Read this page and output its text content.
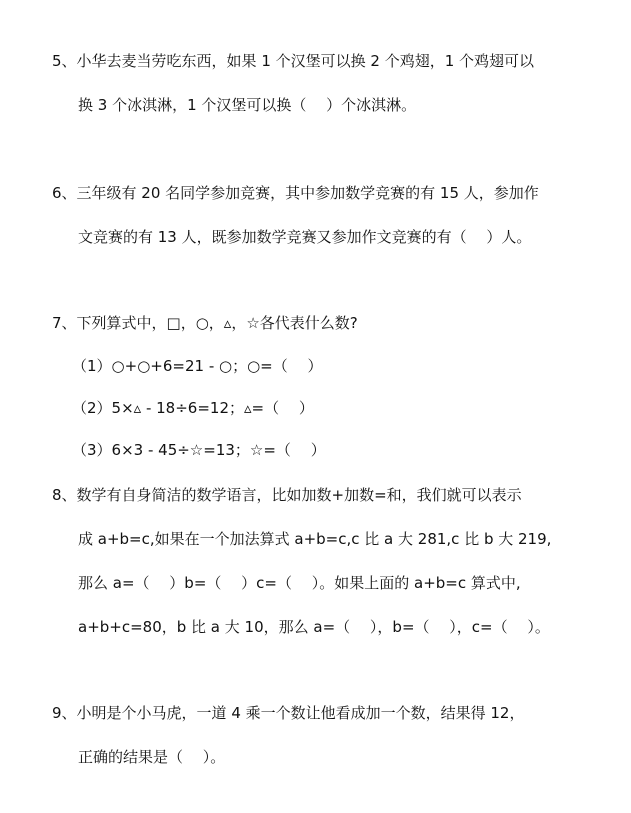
5、小华去麦当劳吃东西，如果 1 个汉堡可以换 2 个鸡翅，1 个鸡翅可以
换 3 个冰淇淋，1 个汉堡可以换（　 ）个冰淇淋。
6、三年级有 20 名同学参加竞赛，其中参加数学竞赛的有 15 人，参加作
文竞赛的有 13 人，既参加数学竞赛又参加作文竞赛的有（　 ）人。
7、下列算式中，□，○，▵，☆各代表什么数?
（1）○+○+6=21 - ○；○=（　 ）
（2）5×▵ - 18÷6=12；▵=（　 ）
（3）6×3 - 45÷☆=13；☆=（　 ）
8、数学有自身简洁的数学语言，比如加数+加数=和，我们就可以表示
成 a+b=c,如果在一个加法算式 a+b=c,c 比 a 大 281,c 比 b 大 219,
那么 a=（　 ）b=（　 ）c=（　 ）。如果上面的 a+b=c 算式中,
a+b+c=80，b 比 a 大 10，那么 a=（　 ），b=（　 ），c=（　 ）。
9、小明是个小马虎，一道 4 乘一个数让他看成加一个数，结果得 12，
正确的结果是（　 ）。
